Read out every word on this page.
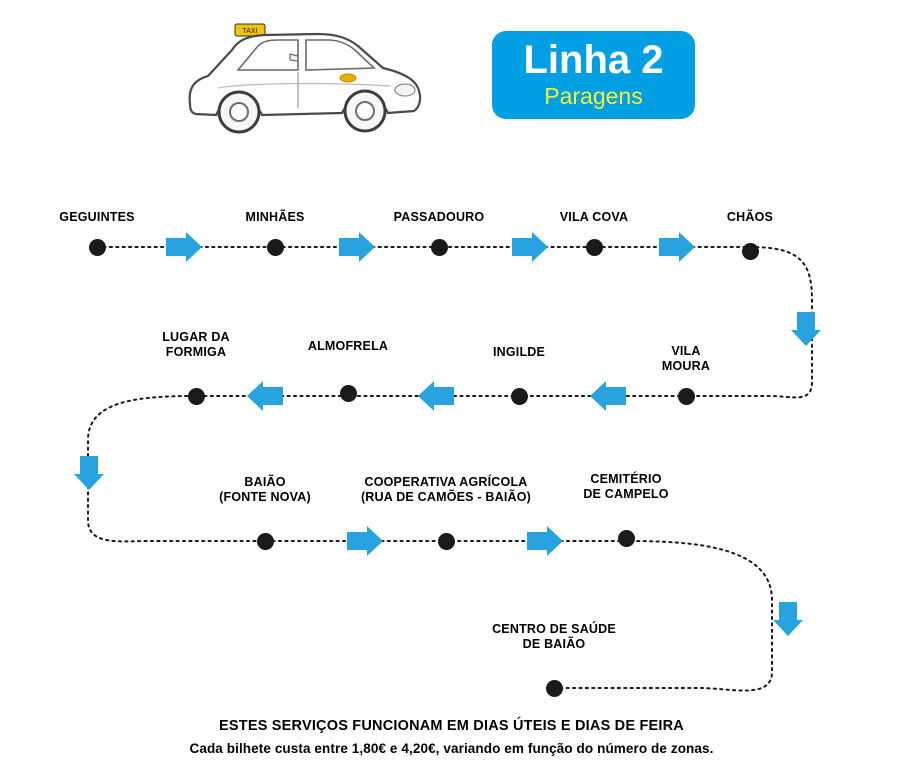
TAXI
Linha 2
Paragens
GEGUINTES	MINHÃES	PASSADOURO	VILA COVA	CHÃOS
VILA
MOURA
INGILDE
ALMOFRELA
LUGAR DA
FORMIGA
BAIÃO
(FONTE NOVA)
COOPERATIVA AGRÍCOLA
(RUA DE CAMÕES - BAIÃO)
CEMITÉRIO
DE CAMPELO
CENTRO DE SAÚDE
DE BAIÃO
ESTES SERVIÇOS FUNCIONAM EM DIAS ÚTEIS E DIAS DE FEIRA
Cada bilhete custa entre 1,80€ e 4,20€, variando em função do número de zonas.
